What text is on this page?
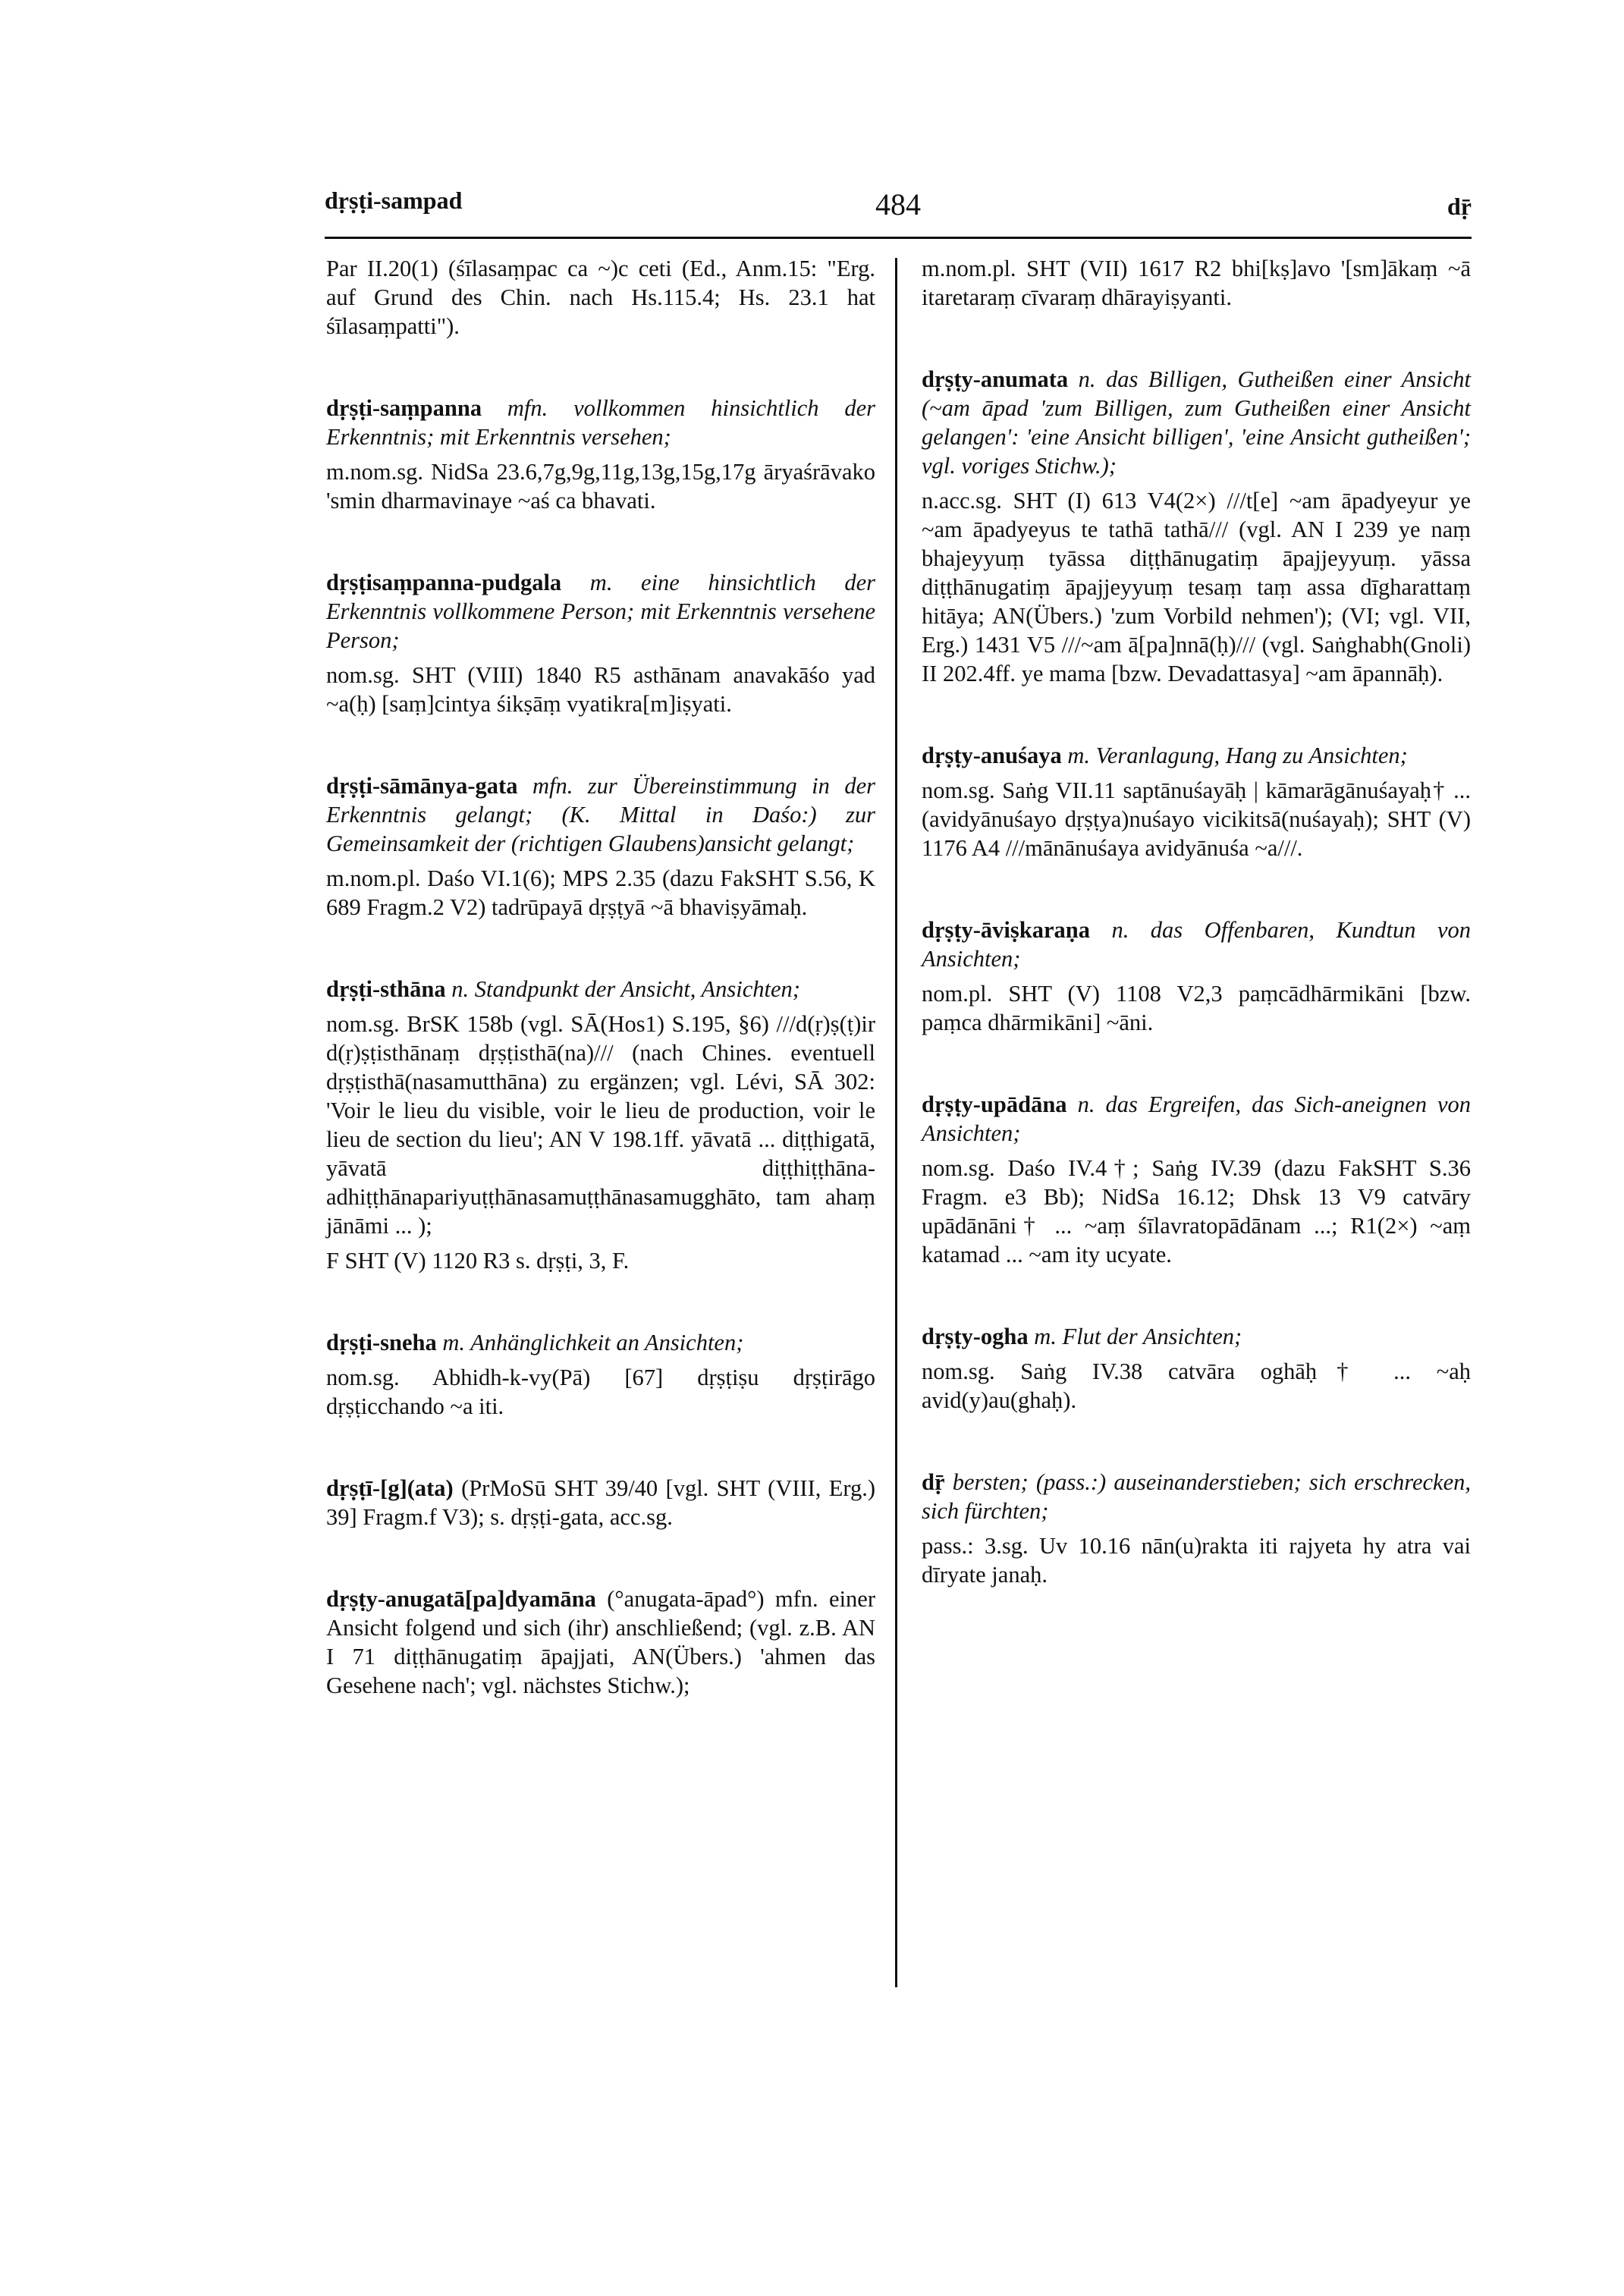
dṛṣṭi-sampad	484	dṝ

Par II.20(1) (śīlasaṃpac ca ~)c ceti (Ed., Anm.15: "Erg. auf Grund des Chin. nach Hs.115.4; Hs. 23.1 hat śīlasaṃpatti").

dṛṣṭi-saṃpanna mfn. vollkommen hinsichtlich der Erkenntnis; mit Erkenntnis versehen;

m.nom.sg. NidSa 23.6,7g,9g,11g,13g,15g,17g āryaśrāvako 'smin dharmavinaye ~aś ca bhavati.

dṛṣṭisaṃpanna-pudgala m. eine hinsichtlich der Erkenntnis vollkommene Person; mit Erkenntnis versehene Person;

nom.sg. SHT (VIII) 1840 R5 asthānam anavakāśo yad ~a(ḥ) [saṃ]cintya śikṣāṃ vyatikra[m]iṣyati.

dṛṣṭi-sāmānya-gata mfn. zur Übereinstimmung in der Erkenntnis gelangt; (K. Mittal in Daśo:) zur Gemeinsamkeit der (richtigen Glaubens)ansicht gelangt;

m.nom.pl. Daśo VI.1(6); MPS 2.35 (dazu FakSHT S.56, K 689 Fragm.2 V2) tadrūpayā dṛṣṭyā ~ā bhaviṣyāmaḥ.

dṛṣṭi-sthāna n. Standpunkt der Ansicht, Ansichten;

nom.sg. BrSK 158b (vgl. SĀ(Hos1) S.195, §6) ///d(ṛ)ṣ(ṭ)ir d(ṛ)ṣṭisthānaṃ dṛṣṭisthā(na)/// (nach Chines. eventuell dṛṣṭisthā(nasamutthāna) zu ergänzen; vgl. Lévi, SĀ 302: 'Voir le lieu du visible, voir le lieu de production, voir le lieu de section du lieu'; AN V 198.1ff. yāvatā ... diṭṭhigatā, yāvatā diṭṭhiṭṭhāna-adhiṭṭhānapariyuṭṭhānasamuṭṭhānasamugghāto, tam ahaṃ jānāmi ... );

F SHT (V) 1120 R3 s. dṛṣṭi, 3, F.

dṛṣṭi-sneha m. Anhänglichkeit an Ansichten;

nom.sg. Abhidh-k-vy(Pā) [67] dṛṣṭiṣu dṛṣṭirāgo dṛṣṭicchando ~a iti.

dṛṣṭī-[g](ata) (PrMoSū SHT 39/40 [vgl. SHT (VIII, Erg.) 39] Fragm.f V3); s. dṛṣṭi-gata, acc.sg.

dṛṣṭy-anugatā[pa]dyamāna (°anugata-āpad°) mfn. einer Ansicht folgend und sich (ihr) anschließend; (vgl. z.B. AN I 71 diṭṭhānugatiṃ āpajjati, AN(Übers.) 'ahmen das Gesehene nach'; vgl. nächstes Stichw.);

m.nom.pl. SHT (VII) 1617 R2 bhi[kṣ]avo '[sm]ākaṃ ~ā itaretaraṃ cīvaraṃ dhārayiṣyanti.

dṛṣṭy-anumata n. das Billigen, Gutheißen einer Ansicht (~am āpad 'zum Billigen, zum Gutheißen einer Ansicht gelangen': 'eine Ansicht billigen', 'eine Ansicht gutheißen'; vgl. voriges Stichw.);

n.acc.sg. SHT (I) 613 V4(2×) ///t[e] ~am āpadyeyur ye ~am āpadyeyus te tathā tathā/// (vgl. AN I 239 ye naṃ bhajeyyuṃ tyāssa diṭṭhānugatiṃ āpajjeyyuṃ. yāssa diṭṭhānugatiṃ āpajjeyyuṃ tesaṃ taṃ assa dīgharattaṃ hitāya; AN(Übers.) 'zum Vorbild nehmen'); (VI; vgl. VII, Erg.) 1431 V5 ///~am ā[pa]nnā(ḥ)/// (vgl. Saṅghabh(Gnoli) II 202.4ff. ye mama [bzw. Devadattasya] ~am āpannāḥ).

dṛṣṭy-anuśaya m. Veranlagung, Hang zu Ansichten;

nom.sg. Saṅg VII.11 saptānuśayāḥ | kāmarāgānuśayaḥ† ... (avidyānuśayo dṛṣṭya)nuśayo vicikitsā(nuśayaḥ); SHT (V) 1176 A4 ///mānānuśaya avidyānuśa ~a///.

dṛṣṭy-āviṣkaraṇa n. das Offenbaren, Kundtun von Ansichten;

nom.pl. SHT (V) 1108 V2,3 paṃcādhārmikāni [bzw. paṃca dhārmikāni] ~āni.

dṛṣṭy-upādāna n. das Ergreifen, das Sich-aneignen von Ansichten;

nom.sg. Daśo IV.4†; Saṅg IV.39 (dazu FakSHT S.36 Fragm. e3 Bb); NidSa 16.12; Dhsk 13 V9 catvāry upādānāni† ... ~aṃ śīlavratopādānam ...; R1(2×) ~aṃ katamad ... ~am ity ucyate.

dṛṣṭy-ogha m. Flut der Ansichten;

nom.sg. Saṅg IV.38 catvāra oghāḥ† ... ~aḥ avid(y)au(ghaḥ).

dṝ bersten; (pass.:) auseinanderstieben; sich erschrecken, sich fürchten;

pass.: 3.sg. Uv 10.16 nān(u)rakta iti rajyeta hy atra vai dīryate janaḥ.
